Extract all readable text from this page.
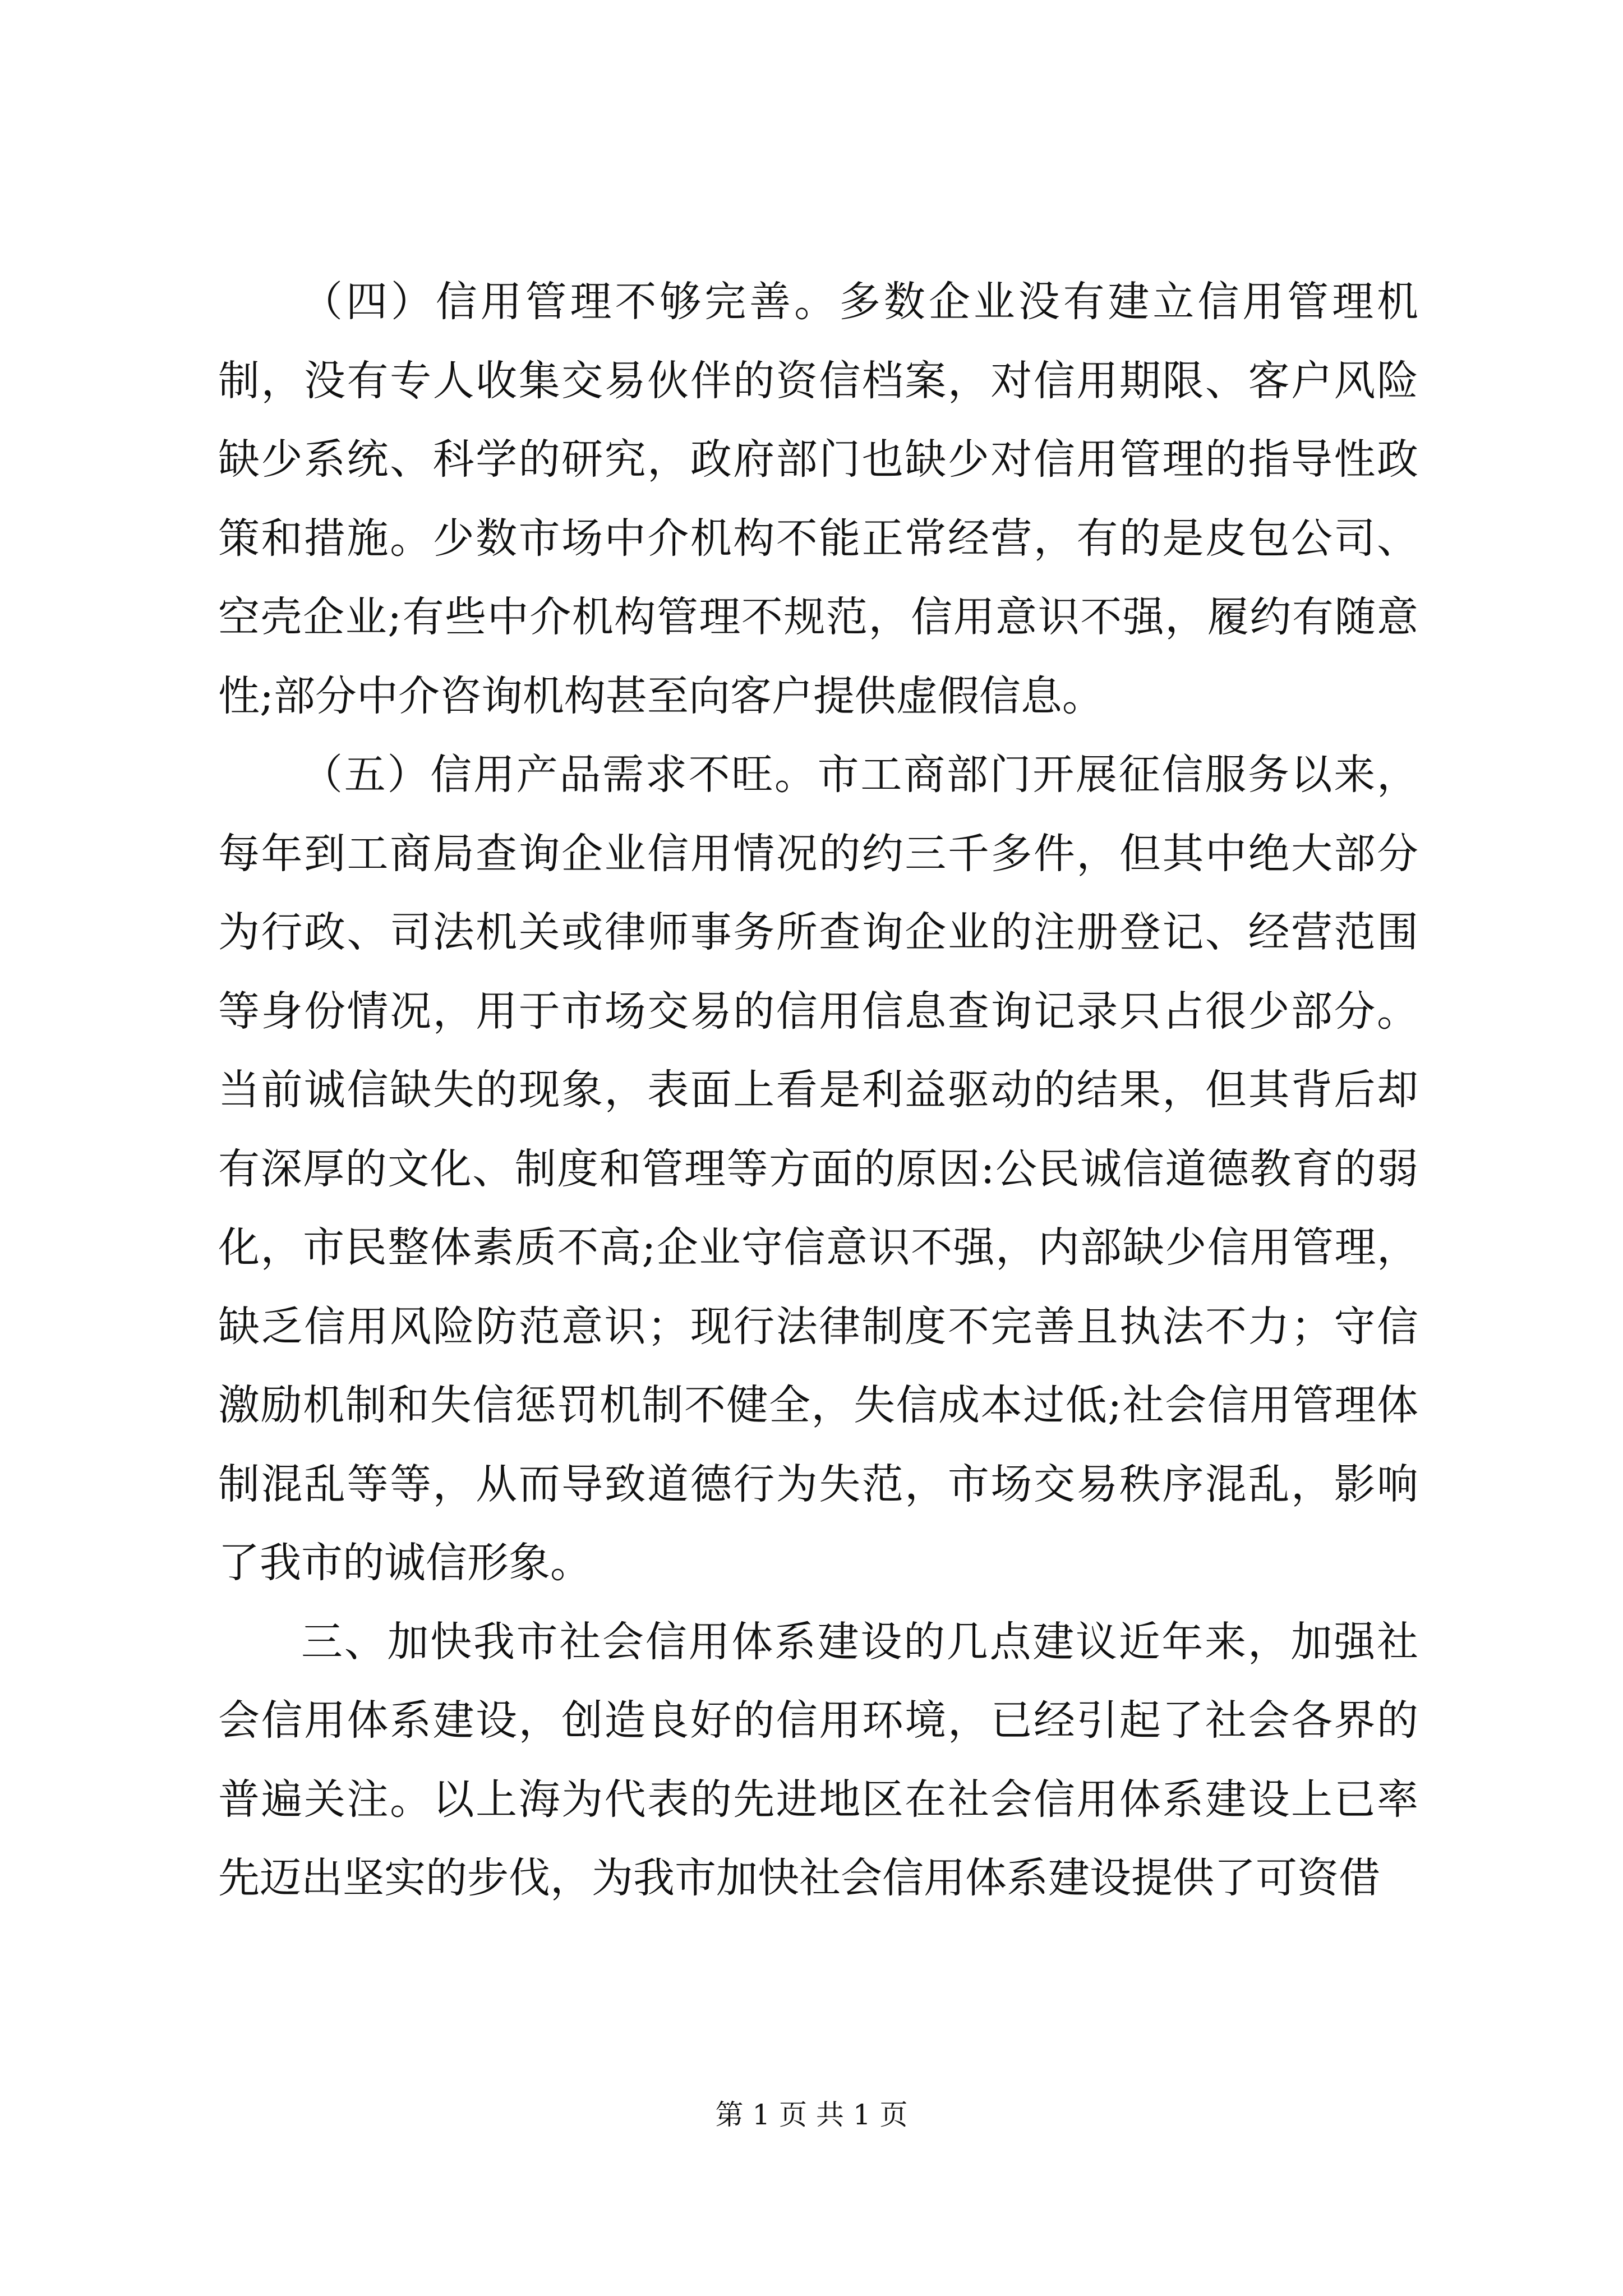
（四）信用管理不够完善。多数企业没有建立信用管理机制，没有专人收集交易伙伴的资信档案，对信用期限、客户风险缺少系统、科学的研究，政府部门也缺少对信用管理的指导性政策和措施。少数市场中介机构不能正常经营，有的是皮包公司、空壳企业;有些中介机构管理不规范，信用意识不强，履约有随意性;部分中介咨询机构甚至向客户提供虚假信息。

（五）信用产品需求不旺。市工商部门开展征信服务以来，每年到工商局查询企业信用情况的约三千多件，但其中绝大部分为行政、司法机关或律师事务所查询企业的注册登记、经营范围等身份情况，用于市场交易的信用信息查询记录只占很少部分。当前诚信缺失的现象，表面上看是利益驱动的结果，但其背后却有深厚的文化、制度和管理等方面的原因:公民诚信道德教育的弱化，市民整体素质不高;企业守信意识不强，内部缺少信用管理，缺乏信用风险防范意识；现行法律制度不完善且执法不力；守信激励机制和失信惩罚机制不健全，失信成本过低;社会信用管理体制混乱等等，从而导致道德行为失范，市场交易秩序混乱，影响了我市的诚信形象。

三、加快我市社会信用体系建设的几点建议近年来，加强社会信用体系建设，创造良好的信用环境，已经引起了社会各界的普遍关注。以上海为代表的先进地区在社会信用体系建设上已率先迈出坚实的步伐，为我市加快社会信用体系建设提供了可资借

第 1 页 共 1 页
